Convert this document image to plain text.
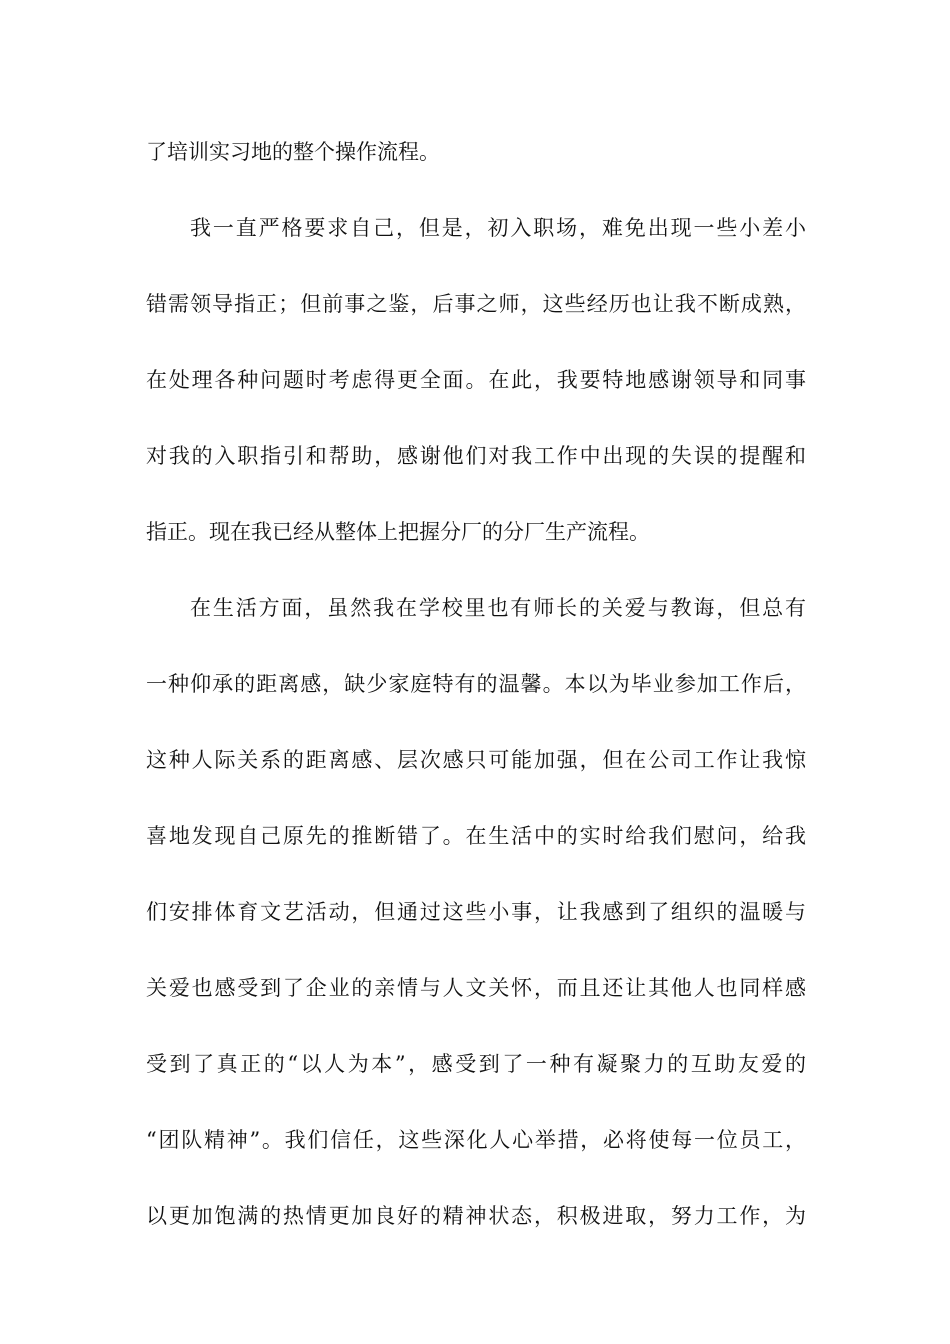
了培训实习地的整个操作流程。
我一直严格要求自己，但是，初入职场，难免出现一些小差小
错需领导指正；但前事之鉴，后事之师，这些经历也让我不断成熟，
在处理各种问题时考虑得更全面。在此，我要特地感谢领导和同事
对我的入职指引和帮助，感谢他们对我工作中出现的失误的提醒和
指正。现在我已经从整体上把握分厂的分厂生产流程。
在生活方面，虽然我在学校里也有师长的关爱与教诲，但总有
一种仰承的距离感，缺少家庭特有的温馨。本以为毕业参加工作后，
这种人际关系的距离感、层次感只可能加强，但在公司工作让我惊
喜地发现自己原先的推断错了。在生活中的实时给我们慰问，给我
们安排体育文艺活动，但通过这些小事，让我感到了组织的温暖与
关爱也感受到了企业的亲情与人文关怀，而且还让其他人也同样感
受到了真正的“以人为本”，感受到了一种有凝聚力的互助友爱的
“团队精神”。我们信任，这些深化人心举措，必将使每一位员工，
以更加饱满的热情更加良好的精神状态，积极进取，努力工作，为
